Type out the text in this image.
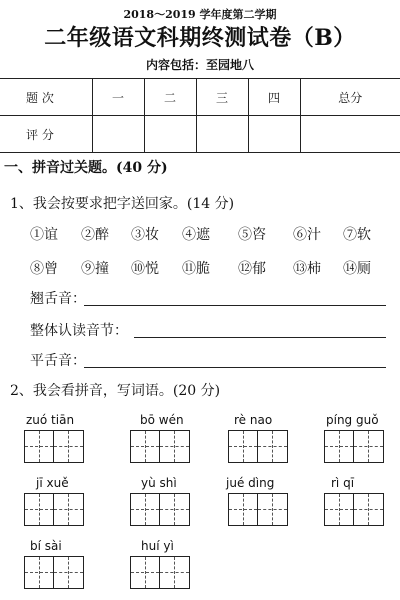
2018～2019 学年度第二学期
二年级语文科期终测试卷（B）
内容包括：至园地八
题 次	一	二	三	四	总分
评 分					
一、拼音过关题。(40 分)
1、我会按要求把字送回家。(14 分)
①谊 ②醉 ③妆 ④遮 ⑤咨 ⑥汁 ⑦软
⑧曾 ⑨撞 ⑩悦 ⑪脆 ⑫郁 ⑬柿 ⑭厕
翘舌音：
整体认读音节：
平舌音：
2、我会看拼音，写词语。(20 分)
zuó tiān	bō wén	rè nao	píng guǒ
jī xuě	yù shì	jué dìng	rì qī
bí sài	huí yì
